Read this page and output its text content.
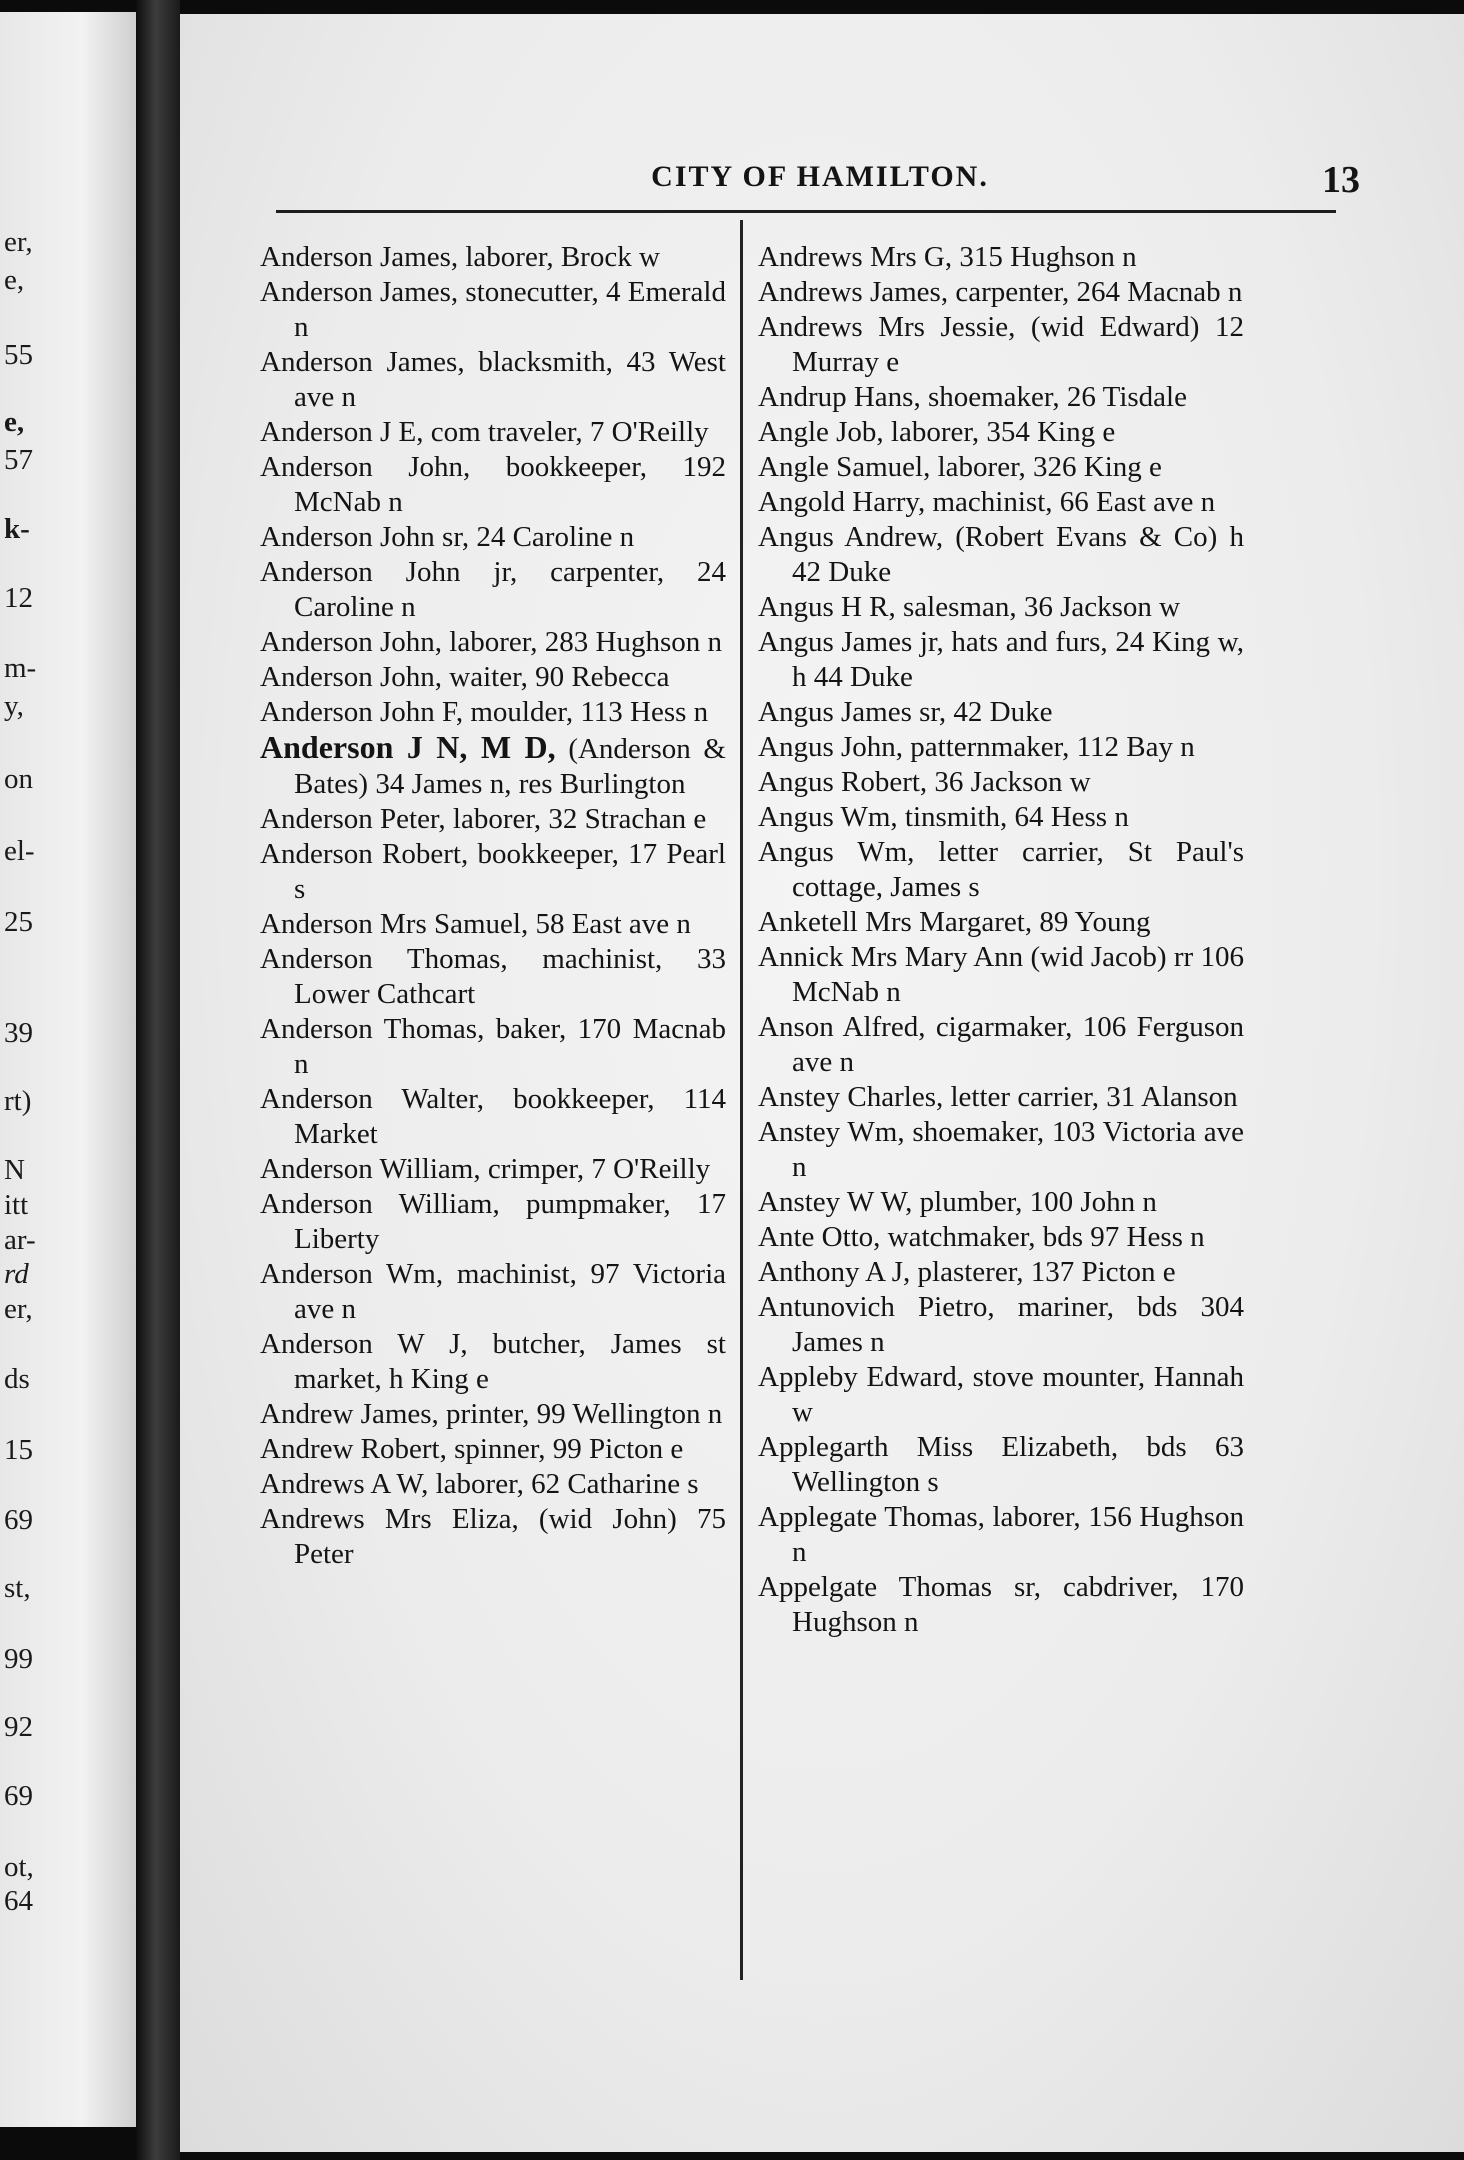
er,
e,
55
e,
57
k-
12
m-
y,
on
el-
25
39
rt)
N
itt
ar-
rd
er,
ds
15
69
st,
99
92
69
ot,
64
CITY OF HAMILTON.	13

Anderson James, laborer, Brock w

Anderson James, stonecutter, 4 Emerald n

Anderson James, blacksmith, 43 West ave n

Anderson J E, com traveler, 7 O'Reilly

Anderson John, bookkeeper, 192 McNab n

Anderson John sr, 24 Caroline n

Anderson John jr, carpenter, 24 Caroline n

Anderson John, laborer, 283 Hughson n

Anderson John, waiter, 90 Rebecca

Anderson John F, moulder, 113 Hess n

Anderson J N, M D, (Anderson & Bates) 34 James n, res Burlington

Anderson Peter, laborer, 32 Strachan e

Anderson Robert, bookkeeper, 17 Pearl s

Anderson Mrs Samuel, 58 East ave n

Anderson Thomas, machinist, 33 Lower Cathcart

Anderson Thomas, baker, 170 Macnab n

Anderson Walter, bookkeeper, 114 Market

Anderson William, crimper, 7 O'Reilly

Anderson William, pumpmaker, 17 Liberty

Anderson Wm, machinist, 97 Victoria ave n

Anderson W J, butcher, James st market, h King e

Andrew James, printer, 99 Wellington n

Andrew Robert, spinner, 99 Picton e

Andrews A W, laborer, 62 Catharine s

Andrews Mrs Eliza, (wid John) 75 Peter

Andrews Mrs G, 315 Hughson n

Andrews James, carpenter, 264 Macnab n

Andrews Mrs Jessie, (wid Edward) 12 Murray e

Andrup Hans, shoemaker, 26 Tisdale

Angle Job, laborer, 354 King e

Angle Samuel, laborer, 326 King e

Angold Harry, machinist, 66 East ave n

Angus Andrew, (Robert Evans & Co) h 42 Duke

Angus H R, salesman, 36 Jackson w

Angus James jr, hats and furs, 24 King w, h 44 Duke

Angus James sr, 42 Duke

Angus John, patternmaker, 112 Bay n

Angus Robert, 36 Jackson w

Angus Wm, tinsmith, 64 Hess n

Angus Wm, letter carrier, St Paul's cottage, James s

Anketell Mrs Margaret, 89 Young

Annick Mrs Mary Ann (wid Jacob) rr 106 McNab n

Anson Alfred, cigarmaker, 106 Ferguson ave n

Anstey Charles, letter carrier, 31 Alanson

Anstey Wm, shoemaker, 103 Victoria ave n

Anstey W W, plumber, 100 John n

Ante Otto, watchmaker, bds 97 Hess n

Anthony A J, plasterer, 137 Picton e

Antunovich Pietro, mariner, bds 304 James n

Appleby Edward, stove mounter, Hannah w

Applegarth Miss Elizabeth, bds 63 Wellington s

Applegate Thomas, laborer, 156 Hughson n

Appelgate Thomas sr, cabdriver, 170 Hughson n
